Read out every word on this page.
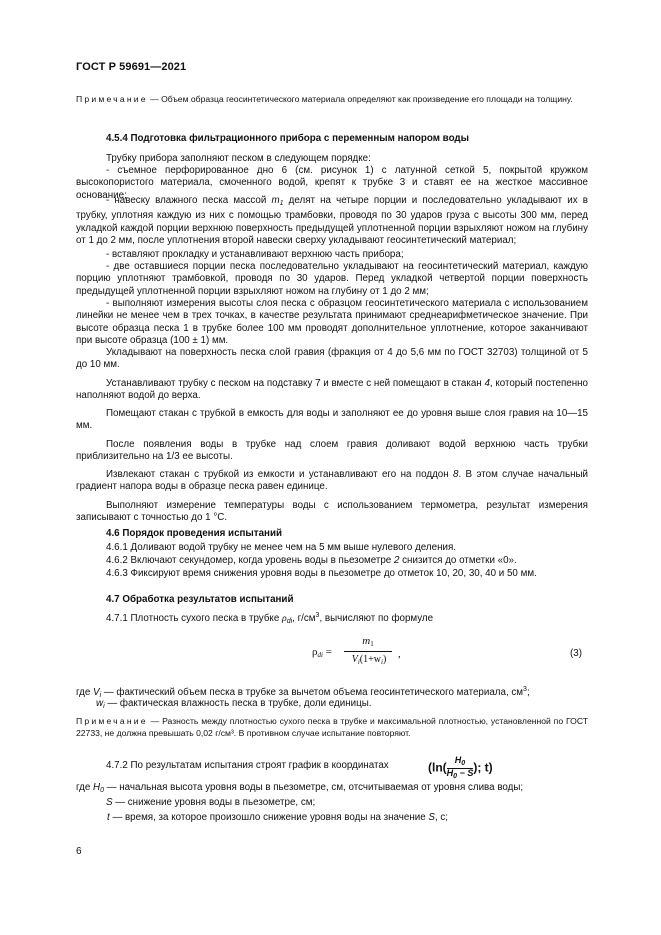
ГОСТ Р 59691—2021
Примечание — Объем образца геосинтетического материала определяют как произведение его площади на толщину.
4.5.4 Подготовка фильтрационного прибора с переменным напором воды

Трубку прибора заполняют песком в следующем порядке:

- съемное перфорированное дно 6 (см. рисунок 1) с латунной сеткой 5, покрытой кружком высокопористого материала, смоченного водой, крепят к трубке 3 и ставят ее на жесткое массивное основание;

- навеску влажного песка массой $m_1$ делят на четыре порции и последовательно укладывают их в трубку, уплотняя каждую из них с помощью трамбовки, проводя по 30 ударов груза с высоты 300 мм, перед укладкой каждой порции верхнюю поверхность предыдущей уплотненной порции взрыхляют ножом на глубину от 1 до 2 мм, после уплотнения второй навески сверху укладывают геосинтетический материал;

- вставляют прокладку и устанавливают верхнюю часть прибора;

- две оставшиеся порции песка последовательно укладывают на геосинтетический материал, каждую порцию уплотняют трамбовкой, проводя по 30 ударов. Перед укладкой четвертой порции поверхность предыдущей уплотненной порции взрыхляют ножом на глубину от 1 до 2 мм;

- выполняют измерения высоты слоя песка с образцом геосинтетического материала с использованием линейки не менее чем в трех точках, в качестве результата принимают среднеарифметическое значение. При высоте образца песка 1 в трубке более 100 мм проводят дополнительное уплотнение, которое заканчивают при высоте образца (100 ± 1) мм.

Укладывают на поверхность песка слой гравия (фракция от 4 до 5,6 мм по ГОСТ 32703) толщиной от 5 до 10 мм.

Устанавливают трубку с песком на подставку 7 и вместе с ней помещают в стакан 4, который постепенно наполняют водой до верха.

Помещают стакан с трубкой в емкость для воды и заполняют ее до уровня выше слоя гравия на 10—15 мм.

После появления воды в трубке над слоем гравия доливают водой верхнюю часть трубки приблизительно на 1/3 ее высоты.

Извлекают стакан с трубкой из емкости и устанавливают его на поддон 8. В этом случае начальный градиент напора воды в образце песка равен единице.

Выполняют измерение температуры воды с использованием термометра, результат измерения записывают с точностью до 1 °С.

4.6 Порядок проведения испытаний
4.6.1 Доливают водой трубку не менее чем на 5 мм выше нулевого деления.
4.6.2 Включают секундомер, когда уровень воды в пьезометре 2 снизится до отметки «0».
4.6.3 Фиксируют время снижения уровня воды в пьезометре до отметок 10, 20, 30, 40 и 50 мм.
4.7 Обработка результатов испытаний
4.7.1 Плотность сухого песка в трубке $\rho_{di}$, $г/см^3$, вычисляют по формуле
$\rho_{di}$ =
$m_1$
$V_i(1+w_i)$	,	(3)
где $V_i$ — фактический объем песка в трубке за вычетом объема геосинтетического материала, $см^3$;
$w_i$ — фактическая влажность песка в трубке, доли единицы.
Примечание — Разность между плотностью сухого песка в трубке и максимальной плотностью, установленной по ГОСТ 22733, не должна превышать 0,02 г/см³. В противном случае испытание повторяют.
4.7.2 По результатам испытания строят график в координатах	($\ln( \frac{H_0}{H_0 - S}$ ); t)
где $H_0$ — начальная высота уровня воды в пьезометре, см, отсчитываемая от уровня слива воды;
S — снижение уровня воды в пьезометре, см;
t — время, за которое произошло снижение уровня воды на значение S, с;
6
